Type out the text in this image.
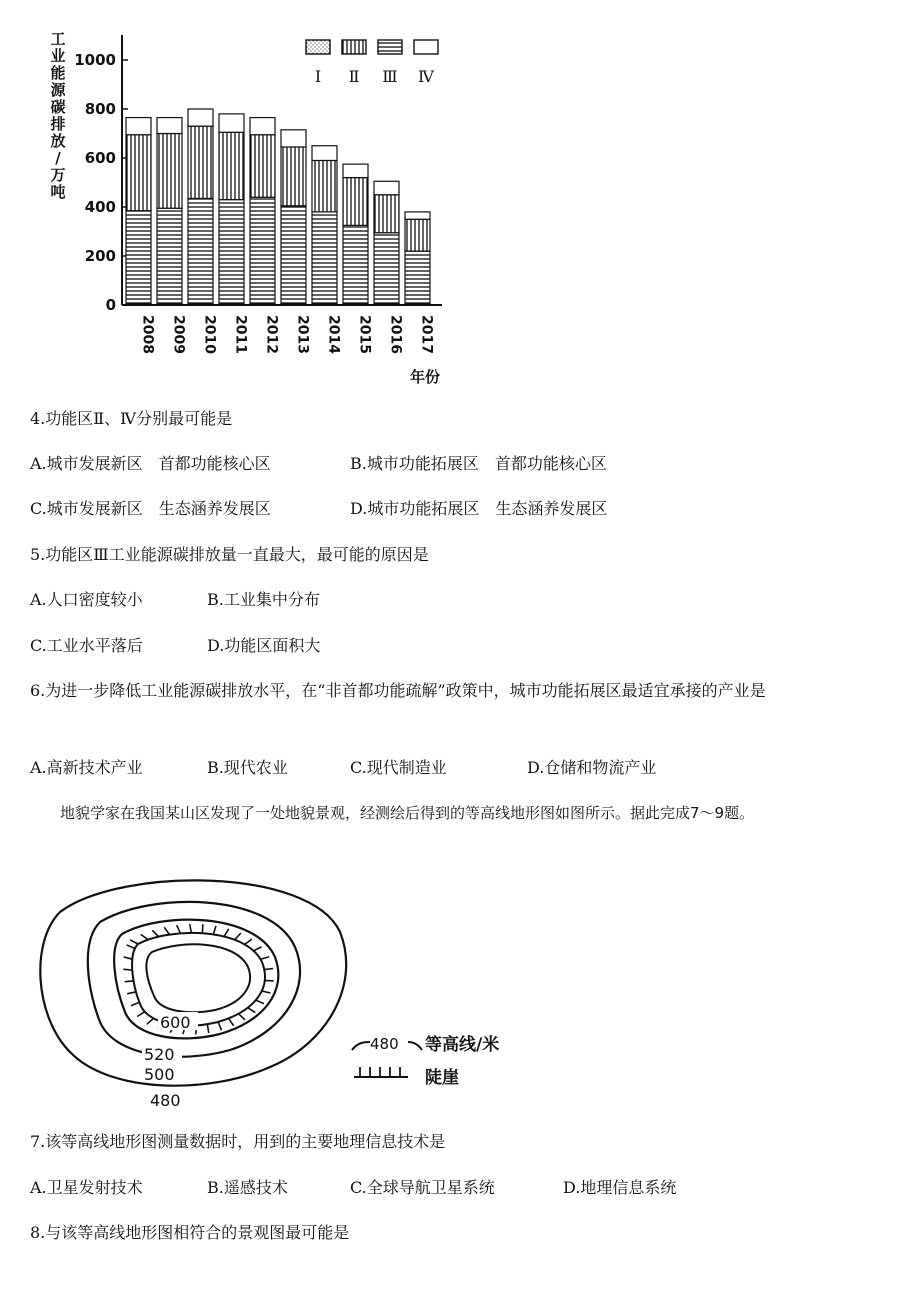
0
200
400
600
800
1000
工
业
能
源
碳
排
放
/
万
吨
2008 2009 2010 2011 2012 2013 2014 2015 2016 2017
年份
Ⅰ Ⅱ Ⅲ Ⅳ
4.功能区Ⅱ、Ⅳ分别最可能是
A.城市发展新区　首都功能核心区	B.城市功能拓展区　首都功能核心区
C.城市发展新区　生态涵养发展区	D.城市功能拓展区　生态涵养发展区
5.功能区Ⅲ工业能源碳排放量一直最大，最可能的原因是
A.人口密度较小	B.工业集中分布
C.工业水平落后	D.功能区面积大
6.为进一步降低工业能源碳排放水平，在“非首都功能疏解”政策中，城市功能拓展区最适宜承接的产业是
A.高新技术产业	B.现代农业	C.现代制造业	D.仓储和物流产业
　　地貌学家在我国某山区发现了一处地貌景观，经测绘后得到的等高线地形图如图所示。据此完成7～9题。
600
520
500
480
480 等高线/米
陡崖
7.该等高线地形图测量数据时，用到的主要地理信息技术是
A.卫星发射技术	B.遥感技术	C.全球导航卫星系统	D.地理信息系统
8.与该等高线地形图相符合的景观图最可能是
